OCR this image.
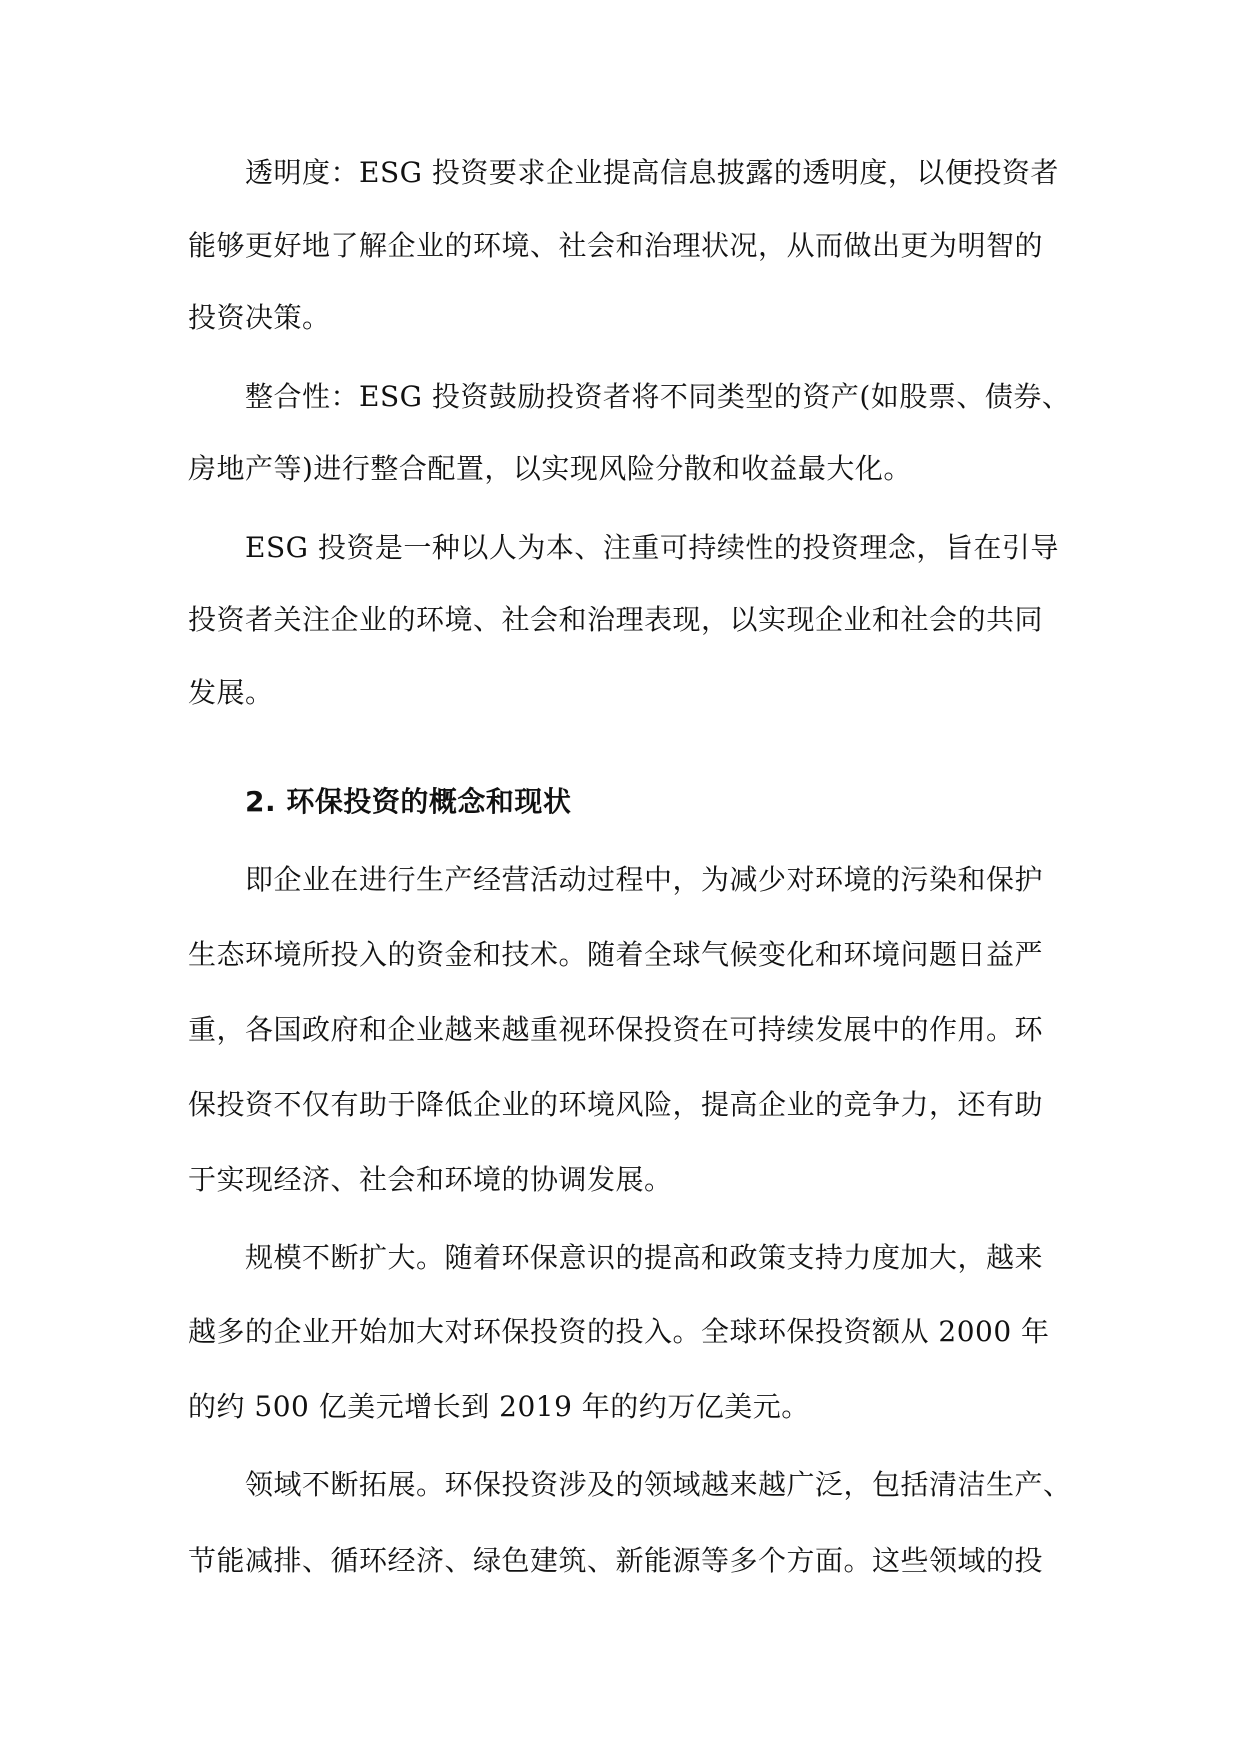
透明度：ESG 投资要求企业提高信息披露的透明度，以便投资者
能够更好地了解企业的环境、社会和治理状况，从而做出更为明智的
投资决策。
整合性：ESG 投资鼓励投资者将不同类型的资产(如股票、债券、
房地产等)进行整合配置，以实现风险分散和收益最大化。
ESG 投资是一种以人为本、注重可持续性的投资理念，旨在引导
投资者关注企业的环境、社会和治理表现，以实现企业和社会的共同
发展。
2. 环保投资的概念和现状
即企业在进行生产经营活动过程中，为减少对环境的污染和保护
生态环境所投入的资金和技术。随着全球气候变化和环境问题日益严
重，各国政府和企业越来越重视环保投资在可持续发展中的作用。环
保投资不仅有助于降低企业的环境风险，提高企业的竞争力，还有助
于实现经济、社会和环境的协调发展。
规模不断扩大。随着环保意识的提高和政策支持力度加大，越来
越多的企业开始加大对环保投资的投入。全球环保投资额从 2000 年
的约 500 亿美元增长到 2019 年的约万亿美元。
领域不断拓展。环保投资涉及的领域越来越广泛，包括清洁生产、
节能减排、循环经济、绿色建筑、新能源等多个方面。这些领域的投
